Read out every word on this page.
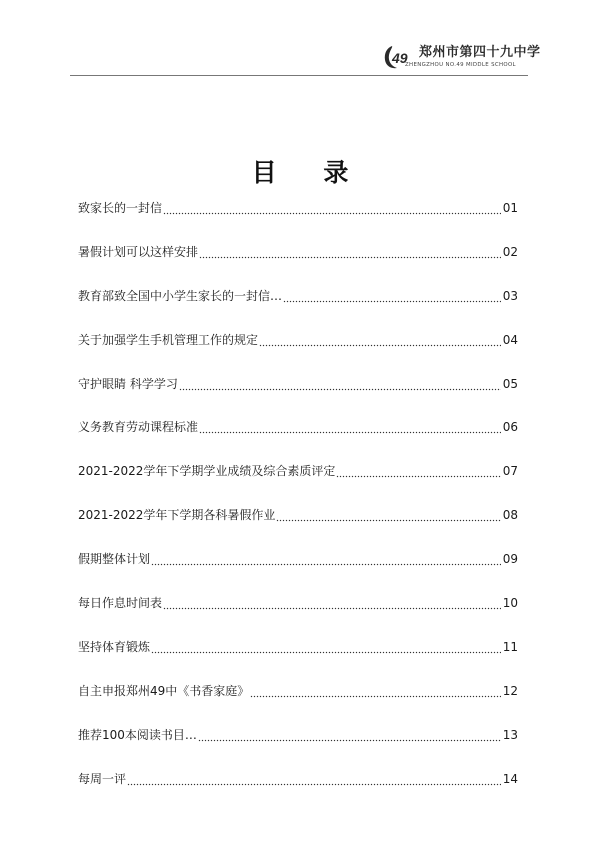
49 郑州市第四十九中学
ZHENGZHOU NO.49 MIDDLE SCHOOL
目 录
致家长的一封信	01
暑假计划可以这样安排	02
教育部致全国中小学生家长的一封信…	03
关于加强学生手机管理工作的规定	04
守护眼睛 科学学习	05
义务教育劳动课程标准	06
2021-2022学年下学期学业成绩及综合素质评定	07
2021-2022学年下学期各科暑假作业	08
假期整体计划	09
每日作息时间表	10
坚持体育锻炼	11
自主申报郑州49中《书香家庭》	12
推荐100本阅读书目…	13
每周一评	14
